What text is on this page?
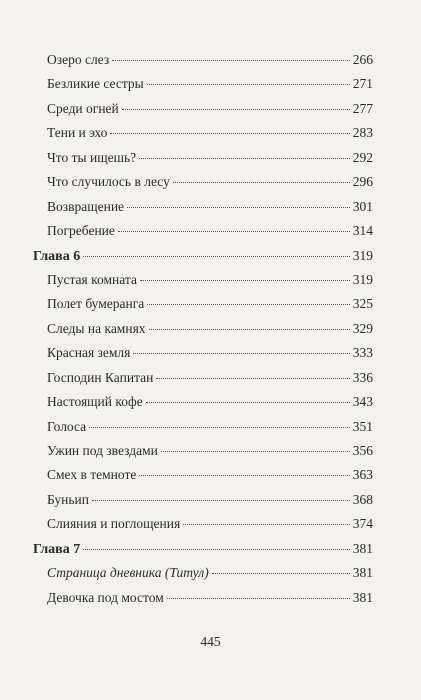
Озеро слез	266
Безликие сестры	271
Среди огней	277
Тени и эхо	283
Что ты ищешь?	292
Что случилось в лесу	296
Возвращение	301
Погребение	314
Глава 6	319
Пустая комната	319
Полет бумеранга	325
Следы на камнях	329
Красная земля	333
Господин Капитан	336
Настоящий кофе	343
Голоса	351
Ужин под звездами	356
Смех в темноте	363
Буньип	368
Слияния и поглощения	374
Глава 7	381
Страница дневника (Титул)	381
Девочка под мостом	381
445
